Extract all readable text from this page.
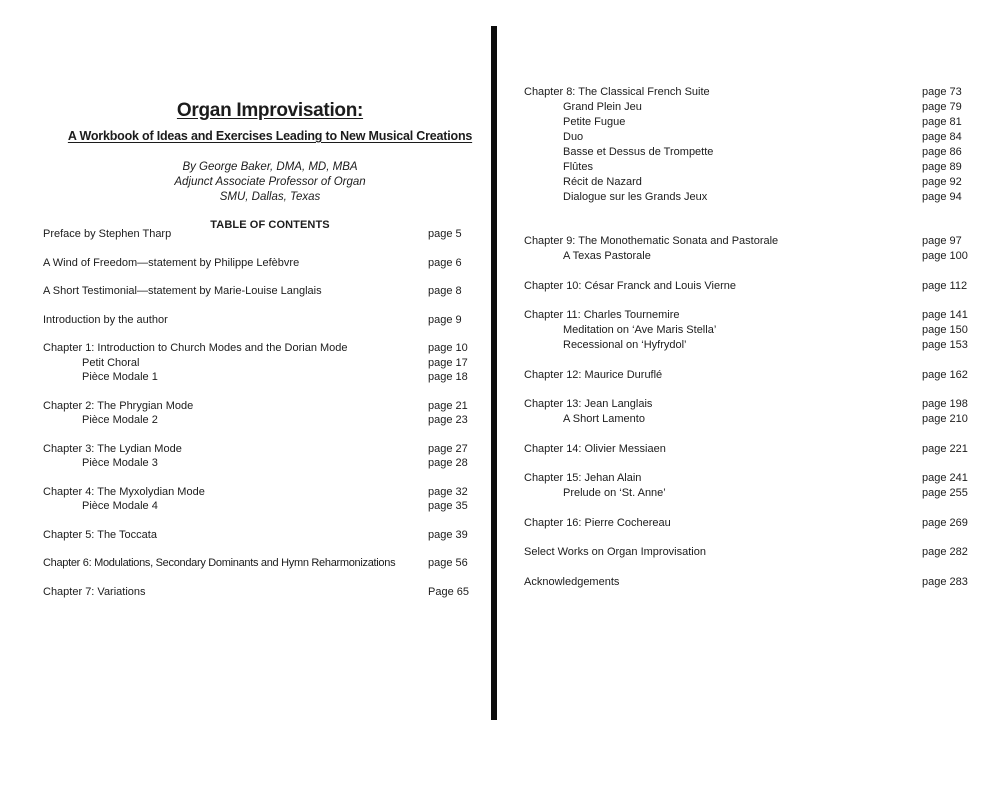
Organ Improvisation:
A Workbook of Ideas and Exercises Leading to New Musical Creations
By George Baker, DMA, MD, MBA
Adjunct Associate Professor of Organ
SMU, Dallas, Texas
TABLE OF CONTENTS
Preface by Stephen Tharp	page 5
A Wind of Freedom—statement by Philippe Lefèbvre	page 6
A Short Testimonial—statement by Marie-Louise Langlais	page 8
Introduction by the author	page 9
Chapter 1: Introduction to Church Modes and the Dorian Mode	page 10
Petit Choral	page 17
Pièce Modale 1	page 18
Chapter 2: The Phrygian Mode	page 21
Pièce Modale 2	page 23
Chapter 3: The Lydian Mode	page 27
Pièce Modale 3	page 28
Chapter 4: The Myxolydian Mode	page 32
Pièce Modale 4	page 35
Chapter 5: The Toccata	page 39
Chapter 6: Modulations, Secondary Dominants and Hymn Reharmonizations	page 56
Chapter 7: Variations	Page 65
Chapter 8: The Classical French Suite	page 73
Grand Plein Jeu	page 79
Petite Fugue	page 81
Duo	page 84
Basse et Dessus de Trompette	page 86
Flûtes	page 89
Récit de Nazard	page 92
Dialogue sur les Grands Jeux	page 94
Chapter 9: The Monothematic Sonata and Pastorale	page 97
A Texas Pastorale	page 100
Chapter 10: César Franck and Louis Vierne	page 112
Chapter 11: Charles Tournemire	page 141
Meditation on ‘Ave Maris Stella’	page 150
Recessional on ‘Hyfrydol’	page 153
Chapter 12: Maurice Duruflé	page 162
Chapter 13: Jean Langlais	page 198
A Short Lamento	page 210
Chapter 14: Olivier Messiaen	page 221
Chapter 15: Jehan Alain	page 241
Prelude on ‘St. Anne’	page 255
Chapter 16: Pierre Cochereau	page 269
Select Works on Organ Improvisation	page 282
Acknowledgements	page 283
